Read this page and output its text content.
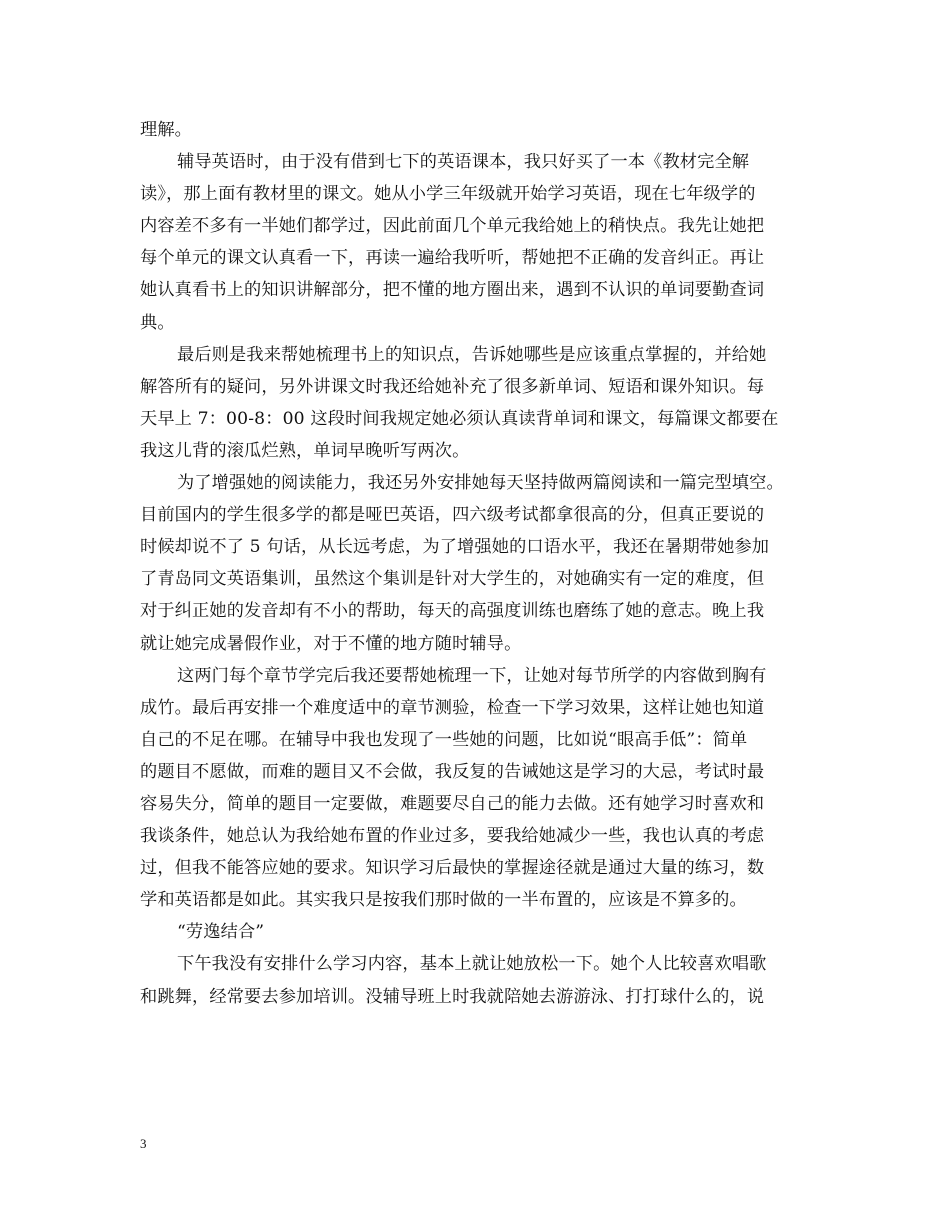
理解。
辅导英语时，由于没有借到七下的英语课本，我只好买了一本《教材完全解
读》，那上面有教材里的课文。她从小学三年级就开始学习英语，现在七年级学的
内容差不多有一半她们都学过，因此前面几个单元我给她上的稍快点。我先让她把
每个单元的课文认真看一下，再读一遍给我听听，帮她把不正确的发音纠正。再让
她认真看书上的知识讲解部分，把不懂的地方圈出来，遇到不认识的单词要勤查词
典。
最后则是我来帮她梳理书上的知识点，告诉她哪些是应该重点掌握的，并给她
解答所有的疑问，另外讲课文时我还给她补充了很多新单词、短语和课外知识。每
天早上 7：00-8：00 这段时间我规定她必须认真读背单词和课文，每篇课文都要在
我这儿背的滚瓜烂熟，单词早晚听写两次。
为了增强她的阅读能力，我还另外安排她每天坚持做两篇阅读和一篇完型填空。
目前国内的学生很多学的都是哑巴英语，四六级考试都拿很高的分，但真正要说的
时候却说不了 5 句话，从长远考虑，为了增强她的口语水平，我还在暑期带她参加
了青岛同文英语集训，虽然这个集训是针对大学生的，对她确实有一定的难度，但
对于纠正她的发音却有不小的帮助，每天的高强度训练也磨练了她的意志。晚上我
就让她完成暑假作业，对于不懂的地方随时辅导。
这两门每个章节学完后我还要帮她梳理一下，让她对每节所学的内容做到胸有
成竹。最后再安排一个难度适中的章节测验，检查一下学习效果，这样让她也知道
自己的不足在哪。在辅导中我也发现了一些她的问题，比如说“眼高手低”：简单
的题目不愿做，而难的题目又不会做，我反复的告诫她这是学习的大忌，考试时最
容易失分，简单的题目一定要做，难题要尽自己的能力去做。还有她学习时喜欢和
我谈条件，她总认为我给她布置的作业过多，要我给她减少一些，我也认真的考虑
过，但我不能答应她的要求。知识学习后最快的掌握途径就是通过大量的练习，数
学和英语都是如此。其实我只是按我们那时做的一半布置的，应该是不算多的。
“劳逸结合”
下午我没有安排什么学习内容，基本上就让她放松一下。她个人比较喜欢唱歌
和跳舞，经常要去参加培训。没辅导班上时我就陪她去游游泳、打打球什么的，说
3
